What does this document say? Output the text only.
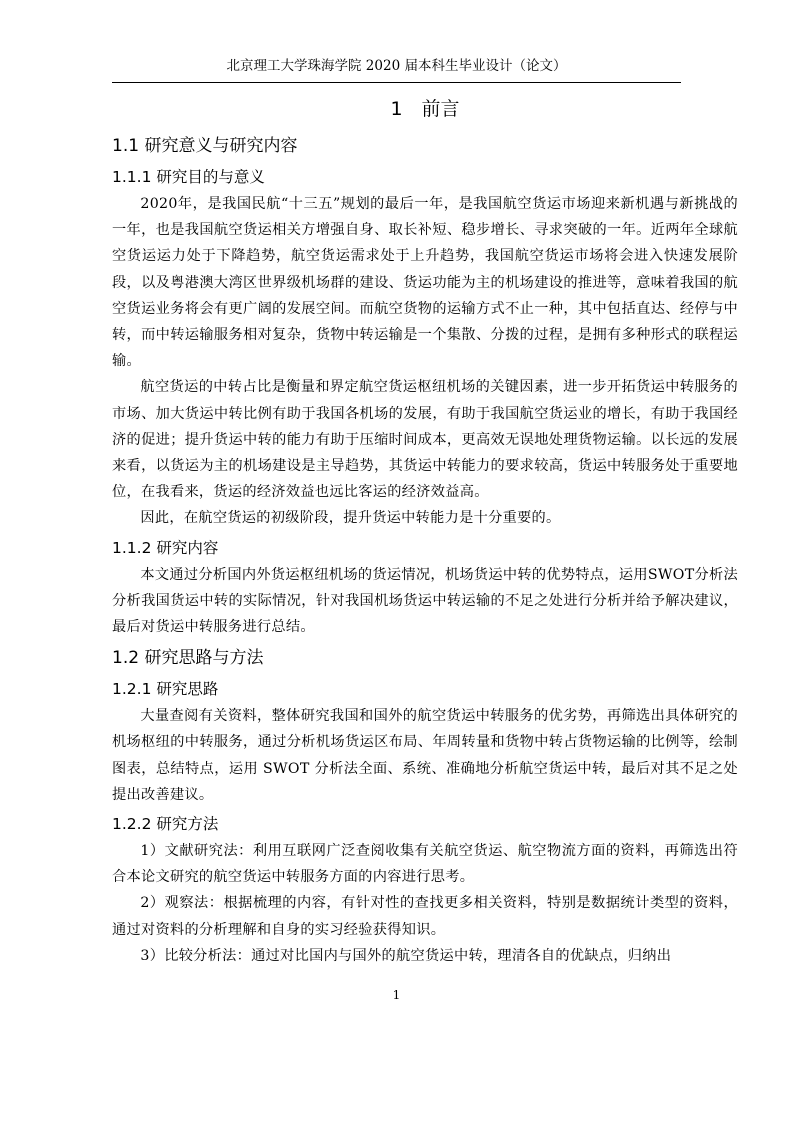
北京理工大学珠海学院 2020 届本科生毕业设计（论文）
1　前言
1.1 研究意义与研究内容
1.1.1 研究目的与意义

2020年，是我国民航“十三五”规划的最后一年，是我国航空货运市场迎来新机遇与新挑战的一年，也是我国航空货运相关方增强自身、取长补短、稳步增长、寻求突破的一年。近两年全球航空货运运力处于下降趋势，航空货运需求处于上升趋势，我国航空货运市场将会进入快速发展阶段，以及粤港澳大湾区世界级机场群的建设、货运功能为主的机场建设的推进等，意味着我国的航空货运业务将会有更广阔的发展空间。而航空货物的运输方式不止一种，其中包括直达、经停与中转，而中转运输服务相对复杂，货物中转运输是一个集散、分拨的过程，是拥有多种形式的联程运输。

航空货运的中转占比是衡量和界定航空货运枢纽机场的关键因素，进一步开拓货运中转服务的市场、加大货运中转比例有助于我国各机场的发展，有助于我国航空货运业的增长，有助于我国经济的促进；提升货运中转的能力有助于压缩时间成本，更高效无误地处理货物运输。以长远的发展来看，以货运为主的机场建设是主导趋势，其货运中转能力的要求较高，货运中转服务处于重要地位，在我看来，货运的经济效益也远比客运的经济效益高。

因此，在航空货运的初级阶段，提升货运中转能力是十分重要的。

1.1.2 研究内容

本文通过分析国内外货运枢纽机场的货运情况，机场货运中转的优势特点，运用SWOT分析法分析我国货运中转的实际情况，针对我国机场货运中转运输的不足之处进行分析并给予解决建议，最后对货运中转服务进行总结。

1.2 研究思路与方法
1.2.1 研究思路

大量查阅有关资料，整体研究我国和国外的航空货运中转服务的优劣势，再筛选出具体研究的机场枢纽的中转服务，通过分析机场货运区布局、年周转量和货物中转占货物运输的比例等，绘制图表，总结特点，运用 SWOT 分析法全面、系统、准确地分析航空货运中转，最后对其不足之处提出改善建议。

1.2.2 研究方法

1）文献研究法：利用互联网广泛查阅收集有关航空货运、航空物流方面的资料，再筛选出符合本论文研究的航空货运中转服务方面的内容进行思考。

2）观察法：根据梳理的内容，有针对性的查找更多相关资料，特别是数据统计类型的资料，通过对资料的分析理解和自身的实习经验获得知识。

3）比较分析法：通过对比国内与国外的航空货运中转，理清各自的优缺点，归纳出

1
